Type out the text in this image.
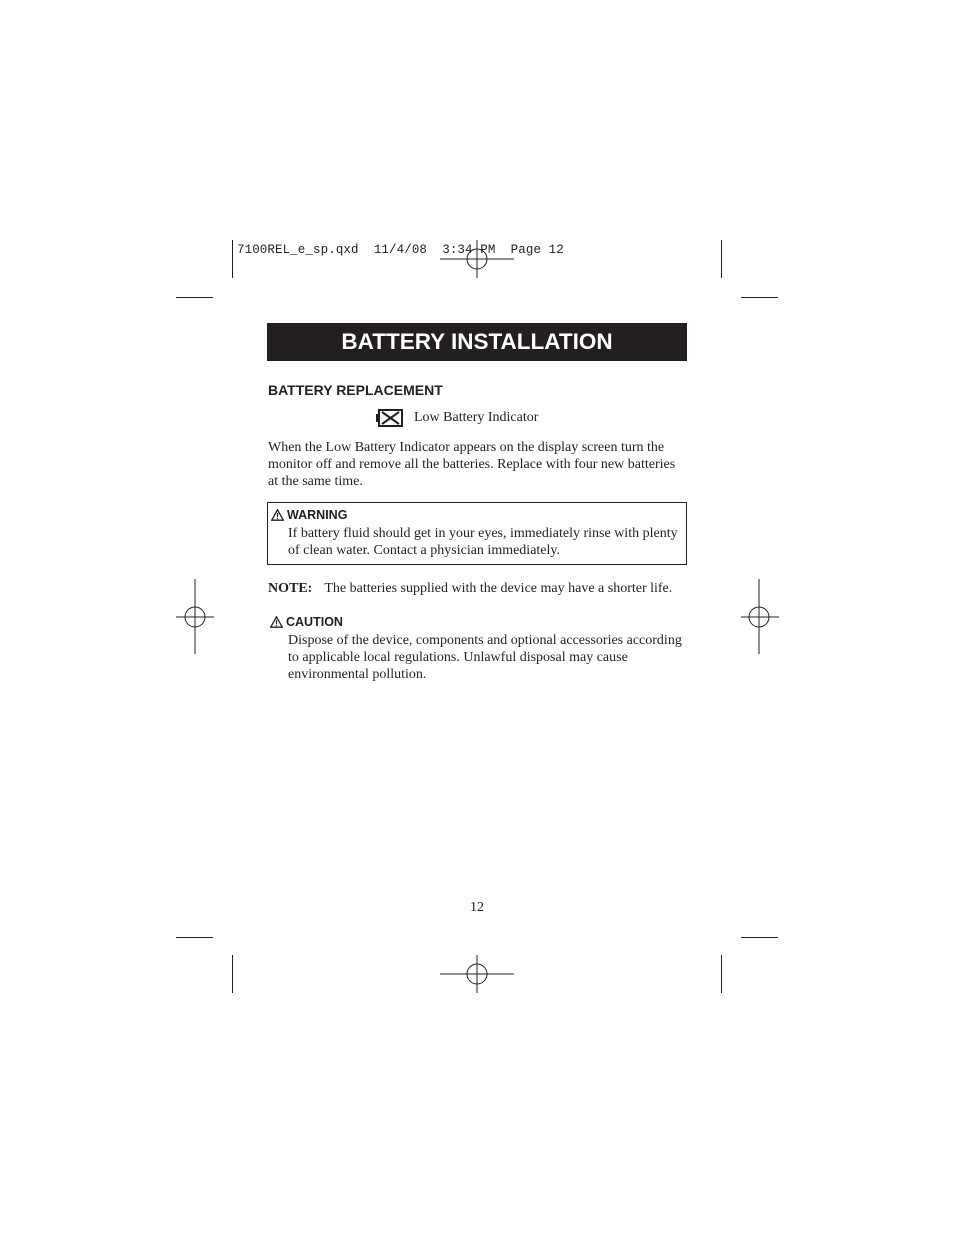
7100REL_e_sp.qxd  11/4/08  3:34 PM  Page 12
BATTERY INSTALLATION
BATTERY REPLACEMENT
Low Battery Indicator
When the Low Battery Indicator appears on the display screen turn the monitor off and remove all the batteries. Replace with four new batteries at the same time.
WARNING
If battery fluid should get in your eyes, immediately rinse with plenty of clean water. Contact a physician immediately.
NOTE: The batteries supplied with the device may have a shorter life.
CAUTION
Dispose of the device, components and optional accessories according to applicable local regulations. Unlawful disposal may cause environmental pollution.
12
